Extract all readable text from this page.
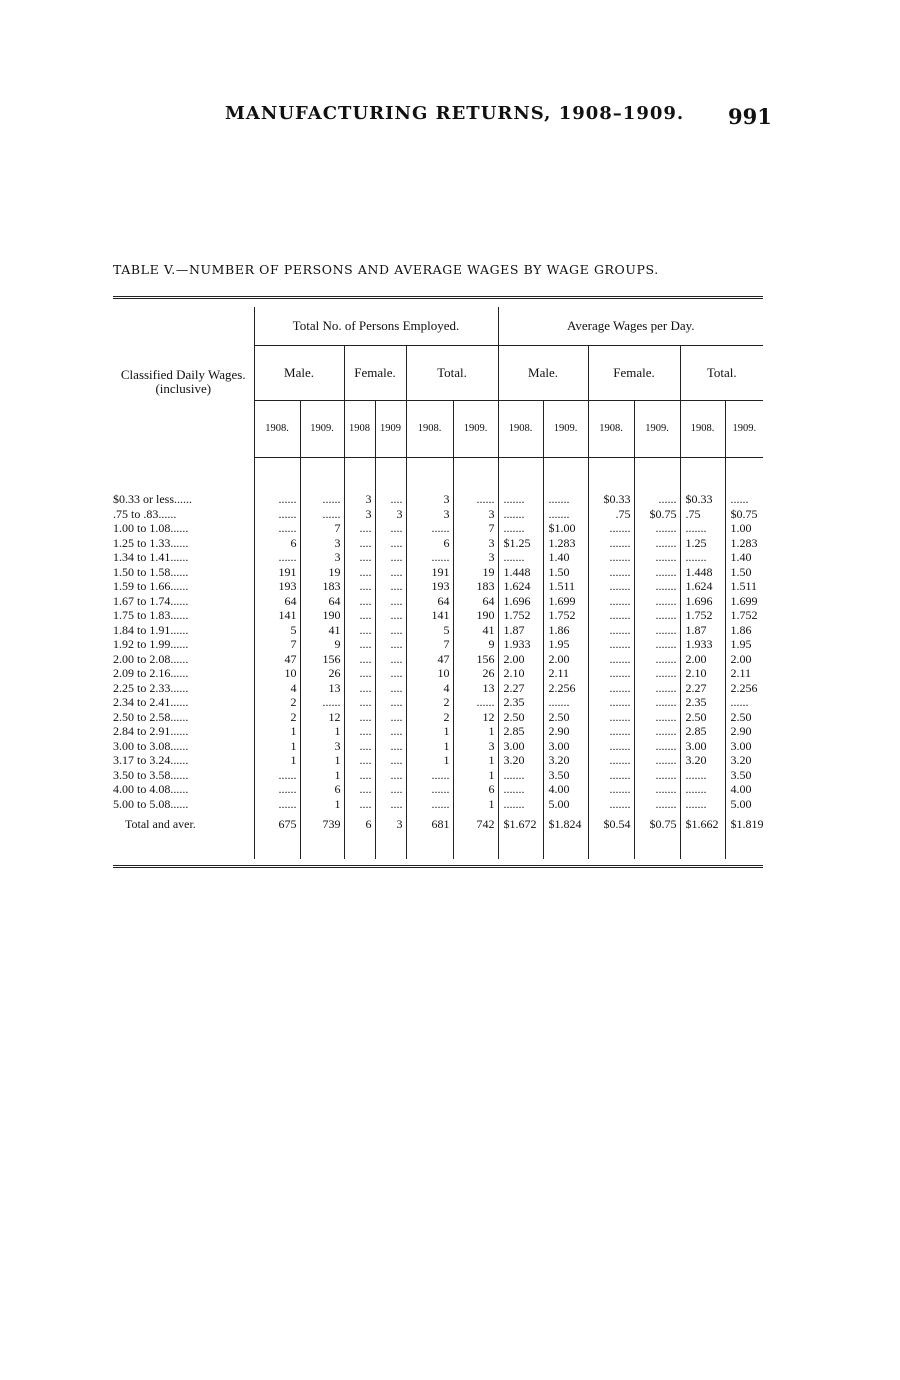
MANUFACTURING RETURNS, 1908–1909. 991
TABLE V.—NUMBER OF PERSONS AND AVERAGE WAGES BY WAGE GROUPS.

Classified Daily Wages. (inclusive)	Total No. of Persons Employed.						Average Wages per Day.					
	Male.		Female.		Total.		Male.		Female.		Total.	
	1908.	1909.	1908	1909	1908.	1909.	1908.	1909.	1908.	1909.	1908.	1909.

$0.33 or less......	......	......	3	....	3	......	.......	.......	$0.33	......	$0.33	......
.75 to .83......	......	......	3	3	3	3	.......	.......	.75	$0.75	.75	$0.75
1.00 to 1.08......	......	7	....	....	......	7	.......	$1.00	.......	.......	.......	1.00
1.25 to 1.33......	6	3	....	....	6	3	$1.25	1.283	.......	.......	1.25	1.283
1.34 to 1.41......	......	3	....	....	......	3	.......	1.40	.......	.......	.......	1.40
1.50 to 1.58......	191	19	....	....	191	19	1.448	1.50	.......	.......	1.448	1.50
1.59 to 1.66......	193	183	....	....	193	183	1.624	1.511	.......	.......	1.624	1.511
1.67 to 1.74......	64	64	....	....	64	64	1.696	1.699	.......	.......	1.696	1.699
1.75 to 1.83......	141	190	....	....	141	190	1.752	1.752	.......	.......	1.752	1.752
1.84 to 1.91......	5	41	....	....	5	41	1.87	1.86	.......	.......	1.87	1.86
1.92 to 1.99......	7	9	....	....	7	9	1.933	1.95	.......	.......	1.933	1.95
2.00 to 2.08......	47	156	....	....	47	156	2.00	2.00	.......	.......	2.00	2.00
2.09 to 2.16......	10	26	....	....	10	26	2.10	2.11	.......	.......	2.10	2.11
2.25 to 2.33......	4	13	....	....	4	13	2.27	2.256	.......	.......	2.27	2.256
2.34 to 2.41......	2	......	....	....	2	......	2.35	.......	.......	.......	2.35	......
2.50 to 2.58......	2	12	....	....	2	12	2.50	2.50	.......	.......	2.50	2.50
2.84 to 2.91......	1	1	....	....	1	1	2.85	2.90	.......	.......	2.85	2.90
3.00 to 3.08......	1	3	....	....	1	3	3.00	3.00	.......	.......	3.00	3.00
3.17 to 3.24......	1	1	....	....	1	1	3.20	3.20	.......	.......	3.20	3.20
3.50 to 3.58......	......	1	....	....	......	1	.......	3.50	.......	.......	.......	3.50
4.00 to 4.08......	......	6	....	....	......	6	.......	4.00	.......	.......	.......	4.00
5.00 to 5.08......	......	1	....	....	......	1	.......	5.00	.......	.......	.......	5.00
Total and aver.	675	739	6	3	681	742	$1.672	$1.824	$0.54	$0.75	$1.662	$1.819
